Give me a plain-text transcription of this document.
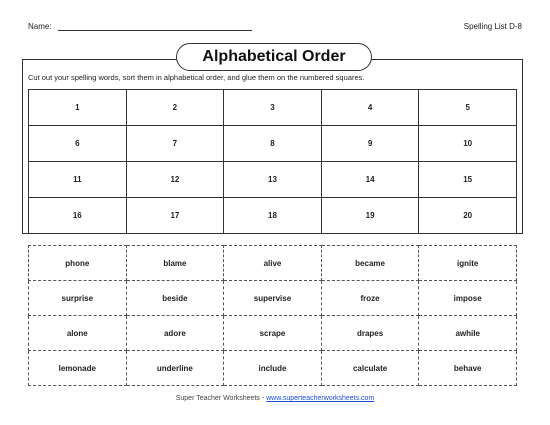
Name:	Spelling List D-8
Alphabetical Order
Cut out your spelling words, sort them in alphabetical order, and glue them on the numbered squares.
1	2	3	4	5
6	7	8	9	10
11	12	13	14	15
16	17	18	19	20
phone	blame	alive	became	ignite
surprise	beside	supervise	froze	impose
alone	adore	scrape	drapes	awhile
lemonade	underline	include	calculate	behave
Super Teacher Worksheets - www.superteacherworksheets.com
